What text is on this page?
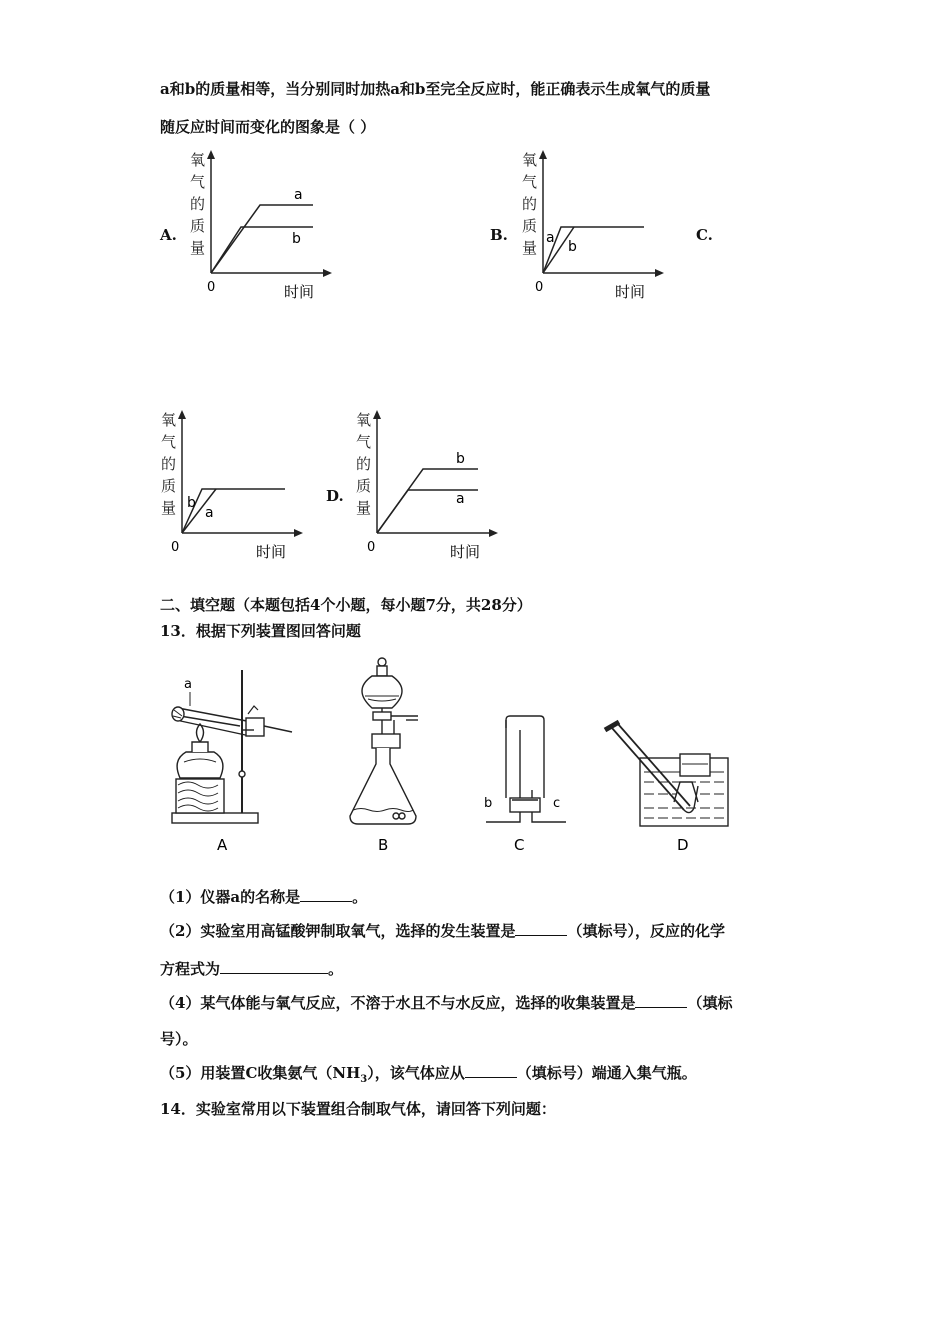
a和b的质量相等，当分别同时加热a和b至完全反应时，能正确表示生成氧气的质量
随反应时间而变化的图象是（ ）
A.
氧
气
的
质
量
0	时间
a
b	B.
氧
气
的
质
量
0	时间
a
b
C.
氧
气
的
质
量
0	时间
b
a
D.
氧
气
的
质
量
0	时间
b
a
二、填空题（本题包括4个小题，每小题7分，共28分）
13．根据下列装置图回答问题
a
b	c
A	B	C	D
（1）仪器a的名称是	。
（2）实验室用高锰酸钾制取氧气，选择的发生装置是	（填标号），反应的化学
方程式为	。
（4）某气体能与氧气反应，不溶于水且不与水反应，选择的收集装置是	（填标
号）。
（5）用装置C收集氨气$(NH_3)$，该气体应从	（填标号）端通入集气瓶。
14．实验室常用以下装置组合制取气体，请回答下列问题：
